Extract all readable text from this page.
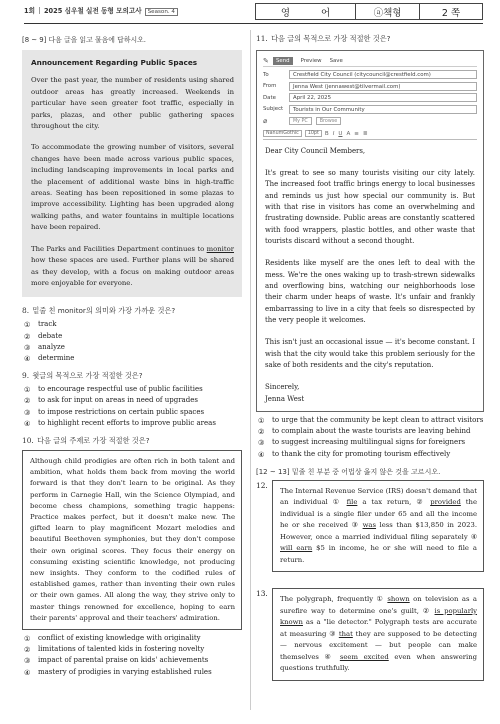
1회 2025 심우철 실전 동형 모의고사 Season. 4	영 어	ⓐ책형	2 쪽
[8 ~ 9] 다음 글을 읽고 물음에 답하시오.
Announcement Regarding Public Spaces

Over the past year, the number of residents using shared outdoor areas has greatly increased. Weekends in particular have seen greater foot traffic, especially in parks, plazas, and other public gathering spaces throughout the city.

To accommodate the growing number of visitors, several changes have been made across various public spaces, including landscaping improvements in local parks and the placement of additional waste bins in high-traffic areas. Seating has been repositioned in some plazas to improve accessibility. Lighting has been upgraded along walking paths, and water fountains in multiple locations have been repaired.

The Parks and Facilities Department continues to monitor how these spaces are used. Further plans will be shared as they develop, with a focus on making outdoor areas more enjoyable for everyone.

8. 밑줄 친 monitor의 의미와 가장 가까운 것은?
①	track
②	debate
③	analyze
④	determine
9. 윗글의 목적으로 가장 적절한 것은?
①	to encourage respectful use of public facilities
②	to ask for input on areas in need of upgrades
③	to impose restrictions on certain public spaces
④	to highlight recent efforts to improve public areas
10. 다음 글의 주제로 가장 적절한 것은?
Although child prodigies are often rich in both talent and ambition, what holds them back from moving the world forward is that they don't learn to be original. As they perform in Carnegie Hall, win the Science Olympiad, and become chess champions, something tragic happens: Practice makes perfect, but it doesn't make new. The gifted learn to play magnificent Mozart melodies and beautiful Beethoven symphonies, but they don't compose their own original scores. They focus their energy on consuming existing scientific knowledge, not producing new insights. They conform to the codified rules of established games, rather than inventing their own rules or their own games. All along the way, they strive only to master things renowned for excellence, hoping to earn their parents' approval and their teachers' admiration.
①	conflict of existing knowledge with originality
②	limitations of talented kids in fostering novelty
③	impact of parental praise on kids' achievements
④	mastery of prodigies in varying established rules
11. 다음 글의 목적으로 가장 적절한 것은?
✎	Send	Preview Save
To	Crestfield City Council (citycouncil@crestfield.com)
From	Jenna West (jennawest@tilvermail.com)
Date	April 22, 2025
Subject	Tourists in Our Community
⌀	My PC	Browse
NanumGothic	10pt	B I U A ≡ ≣

Dear City Council Members,

It's great to see so many tourists visiting our city lately. The increased foot traffic brings energy to local businesses and reminds us just how special our community is. But with that rise in visitors has come an overwhelming and frustrating downside. Public areas are constantly scattered with food wrappers, plastic bottles, and other waste that tourists discard without a second thought.

Residents like myself are the ones left to deal with the mess. We're the ones waking up to trash-strewn sidewalks and overflowing bins, watching our neighborhoods lose their charm under heaps of waste. It's unfair and frankly embarrassing to live in a city that feels so disrespected by the very people it welcomes.

This isn't just an occasional issue — it's become constant. I wish that the city would take this problem seriously for the sake of both residents and the city's reputation.

Sincerely,

Jenna West

①	to urge that the community be kept clean to attract visitors
②	to complain about the waste tourists are leaving behind
③	to suggest increasing multilingual signs for foreigners
④	to thank the city for promoting tourism effectively
[12 ~ 13] 밑줄 친 부분 중 어법상 옳지 않은 것을 고르시오.
12.
The Internal Revenue Service (IRS) doesn't demand that an individual ① file a tax return, ② provided the individual is a single filer under 65 and all the income he or she received ③ was less than $13,850 in 2023. However, once a married individual filing separately ④ will earn $5 in income, he or she will need to file a return.
13.
The polygraph, frequently ① shown on television as a surefire way to determine one's guilt, ② is popularly known as a "lie detector." Polygraph tests are accurate at measuring ③ that they are supposed to be detecting — nervous excitement — but people can make themselves ④ seem excited even when answering questions truthfully.
